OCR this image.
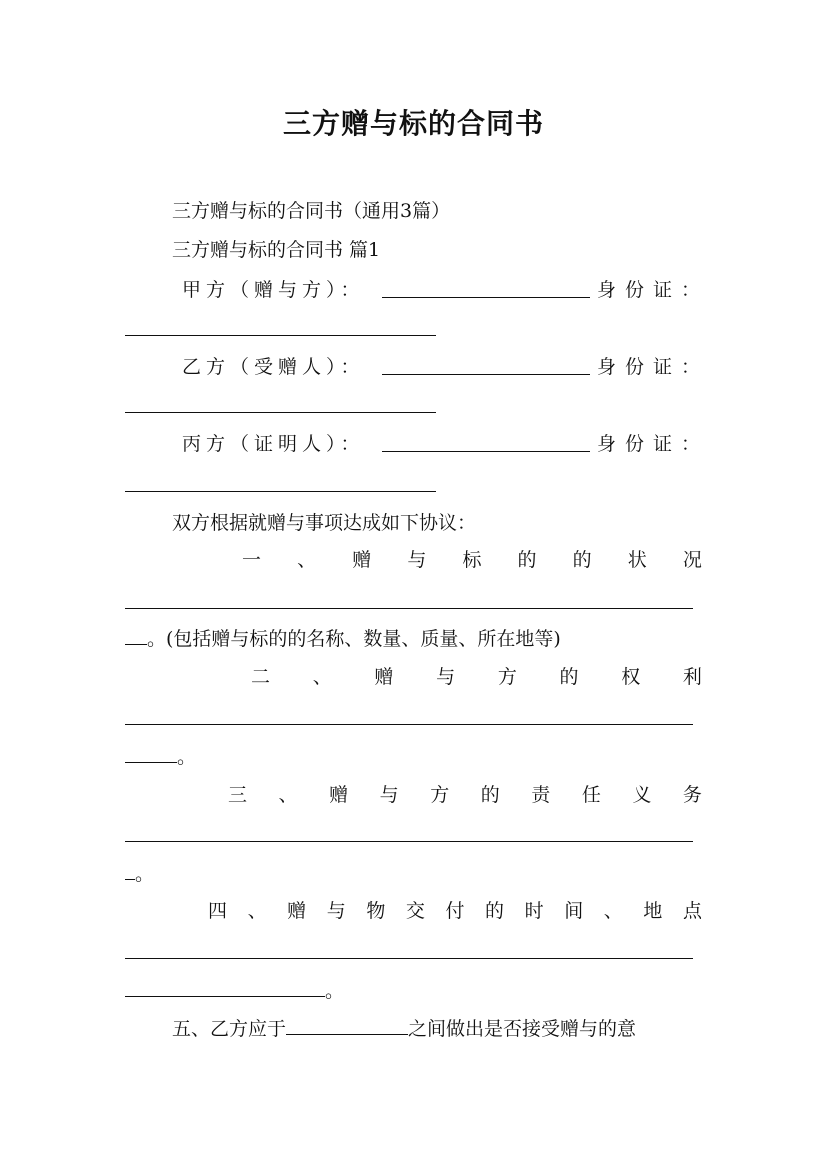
三方赠与标的合同书
三方赠与标的合同书（通用3篇）
三方赠与标的合同书 篇1
甲方（赠与方）：	身份证：
乙方（受赠人）：	身份证：
丙方（证明人）：	身份证：
双方根据就赠与事项达成如下协议：
一 、 赠 与 标 的 的 状 况
。(包括赠与标的的名称、数量、质量、所在地等)
二 、 赠 与 方 的 权 利
。
三 、 赠 与 方 的 责 任 义 务
。
四 、 赠 与 物 交 付 的 时 间 、 地 点
。
五、乙方应于	之间做出是否接受赠与的意
